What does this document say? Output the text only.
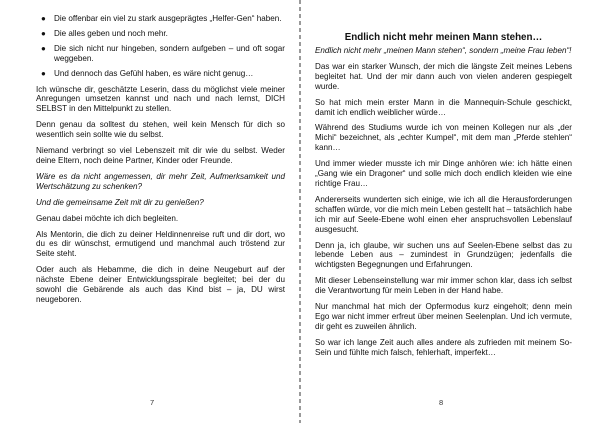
● Die offenbar ein viel zu stark ausgeprägtes „Helfer-Gen“ haben.
● Die alles geben und noch mehr.
● Die sich nicht nur hingeben, sondern aufgeben – und oft sogar weggeben.
● Und dennoch das Gefühl haben, es wäre nicht genug…

Ich wünsche dir, geschätzte Leserin, dass du möglichst viele meiner Anregungen umsetzen kannst und nach und nach lernst, DICH SELBST in den Mittelpunkt zu stellen.

Denn genau da solltest du stehen, weil kein Mensch für dich so wesentlich sein sollte wie du selbst.

Niemand verbringt so viel Lebenszeit mit dir wie du selbst. Weder deine Eltern, noch deine Partner, Kinder oder Freunde.

Wäre es da nicht angemessen, dir mehr Zeit, Aufmerksamkeit und Wertschätzung zu schenken?

Und die gemeinsame Zeit mit dir zu genießen?

Genau dabei möchte ich dich begleiten.

Als Mentorin, die dich zu deiner Heldinnenreise ruft und dir dort, wo du es dir wünschst, ermutigend und manchmal auch tröstend zur Seite steht.

Oder auch als Hebamme, die dich in deine Neugeburt auf der nächste Ebene deiner Entwicklungsspirale begleitet; bei der du sowohl die Gebärende als auch das Kind bist – ja, DU wirst neugeboren.

7
Endlich nicht mehr meinen Mann stehen…

Endlich nicht mehr „meinen Mann stehen“, sondern „meine Frau leben“!

Das war ein starker Wunsch, der mich die längste Zeit meines Lebens begleitet hat. Und der mir dann auch von vielen anderen gespiegelt wurde.

So hat mich mein erster Mann in die Mannequin-Schule geschickt, damit ich endlich weiblicher würde…

Während des Studiums wurde ich von meinen Kollegen nur als „der Michi“ bezeichnet, als „echter Kumpel“, mit dem man „Pferde stehlen“ kann…

Und immer wieder musste ich mir Dinge anhören wie: ich hätte einen „Gang wie ein Dragoner“ und solle mich doch endlich kleiden wie eine richtige Frau…

Andererseits wunderten sich einige, wie ich all die Herausforderungen schaffen würde, vor die mich mein Leben gestellt hat – tatsächlich habe ich mir auf Seele-Ebene wohl einen eher anspruchsvollen Lebenslauf ausgesucht.

Denn ja, ich glaube, wir suchen uns auf Seelen-Ebene selbst das zu lebende Leben aus – zumindest in Grundzügen; jedenfalls die wichtigsten Begegnungen und Erfahrungen.

Mit dieser Lebenseinstellung war mir immer schon klar, dass ich selbst die Verantwortung für mein Leben in der Hand habe.

Nur manchmal hat mich der Opfermodus kurz eingeholt; denn mein Ego war nicht immer erfreut über meinen Seelenplan. Und ich vermute, dir geht es zuweilen ähnlich.

So war ich lange Zeit auch alles andere als zufrieden mit meinem So-Sein und fühlte mich falsch, fehlerhaft, imperfekt…

8
